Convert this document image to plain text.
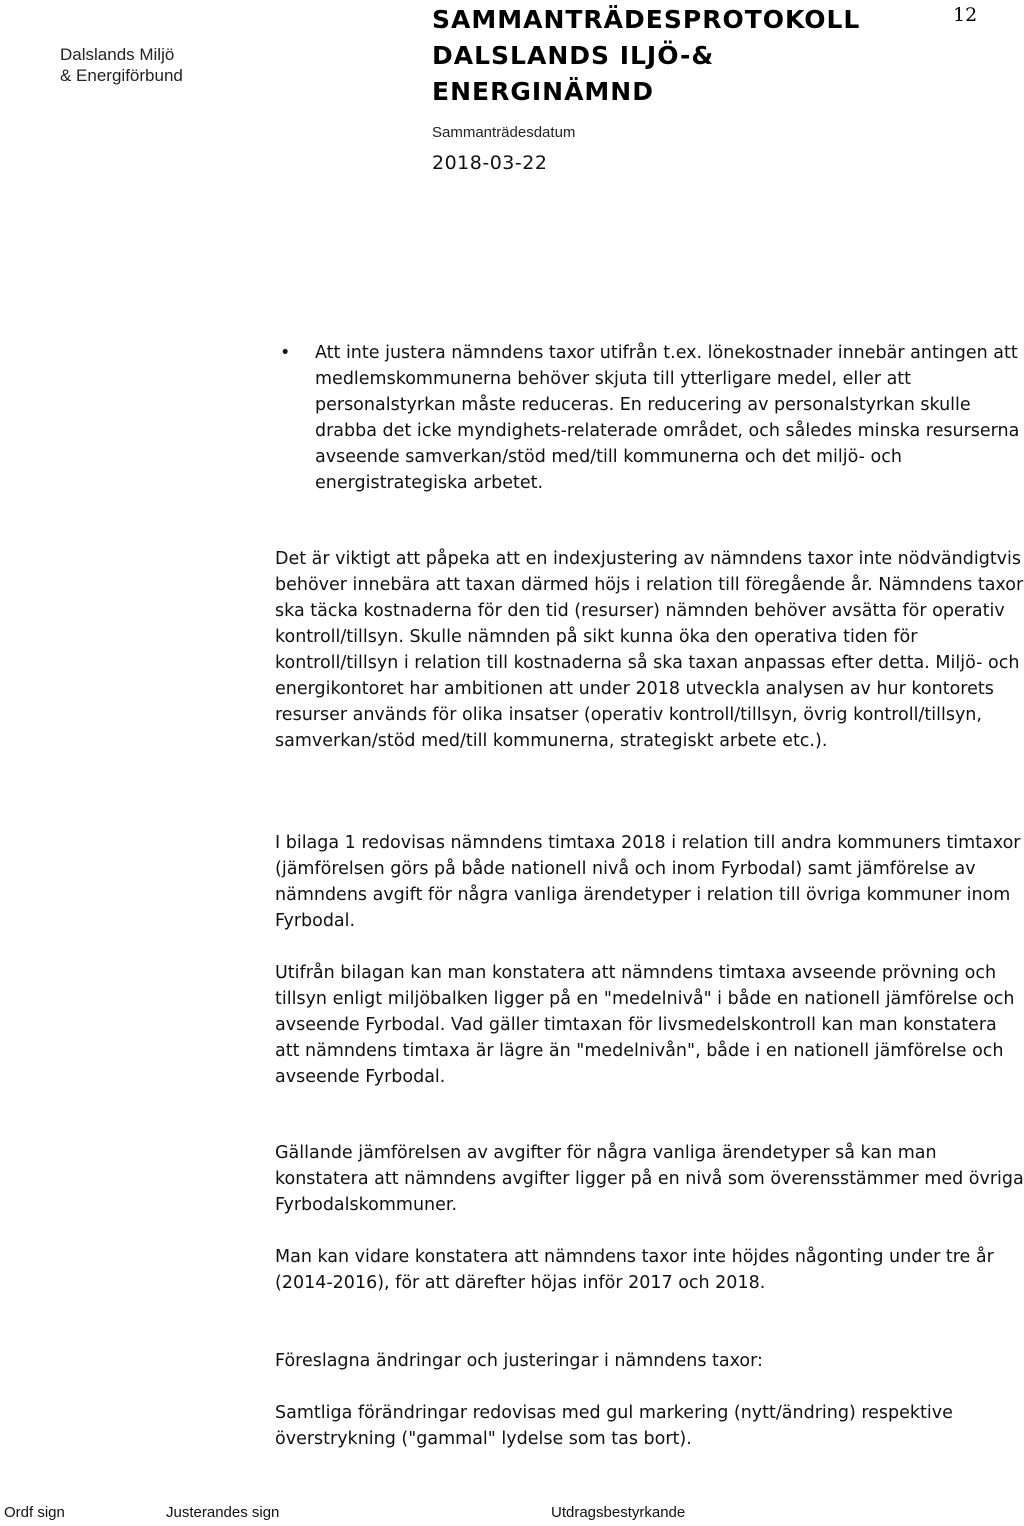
Dalslands Miljö
& Energiförbund
SAMMANTRÄDESPROTOKOLL
DALSLANDS ILJÖ-&
ENERGINÄMND
12
Sammanträdesdatum
2018-03-22
• Att inte justera nämndens taxor utifrån t.ex. lönekostnader innebär antingen att medlemskommunerna behöver skjuta till ytterligare medel, eller att personalstyrkan måste reduceras. En reducering av personalstyrkan skulle drabba det icke myndighets-relaterade området, och således minska resurserna avseende samverkan/stöd med/till kommunerna och det miljö- och energistrategiska arbetet.
Det är viktigt att påpeka att en indexjustering av nämndens taxor inte nödvändigtvis behöver innebära att taxan därmed höjs i relation till föregående år. Nämndens taxor ska täcka kostnaderna för den tid (resurser) nämnden behöver avsätta för operativ kontroll/tillsyn. Skulle nämnden på sikt kunna öka den operativa tiden för kontroll/tillsyn i relation till kostnaderna så ska taxan anpassas efter detta. Miljö- och energikontoret har ambitionen att under 2018 utveckla analysen av hur kontorets resurser används för olika insatser (operativ kontroll/tillsyn, övrig kontroll/tillsyn, samverkan/stöd med/till kommunerna, strategiskt arbete etc.).
I bilaga 1 redovisas nämndens timtaxa 2018 i relation till andra kommuners timtaxor (jämförelsen görs på både nationell nivå och inom Fyrbodal) samt jämförelse av nämndens avgift för några vanliga ärendetyper i relation till övriga kommuner inom Fyrbodal.
Utifrån bilagan kan man konstatera att nämndens timtaxa avseende prövning och tillsyn enligt miljöbalken ligger på en "medelnivå" i både en nationell jämförelse och avseende Fyrbodal. Vad gäller timtaxan för livsmedelskontroll kan man konstatera att nämndens timtaxa är lägre än "medelnivån", både i en nationell jämförelse och avseende Fyrbodal.
Gällande jämförelsen av avgifter för några vanliga ärendetyper så kan man konstatera att nämndens avgifter ligger på en nivå som överensstämmer med övriga Fyrbodalskommuner.
Man kan vidare konstatera att nämndens taxor inte höjdes någonting under tre år (2014-2016), för att därefter höjas inför 2017 och 2018.
Föreslagna ändringar och justeringar i nämndens taxor:
Samtliga förändringar redovisas med gul markering (nytt/ändring) respektive överstrykning ("gammal" lydelse som tas bort).
Ordf sign	Justerandes sign	Utdragsbestyrkande
